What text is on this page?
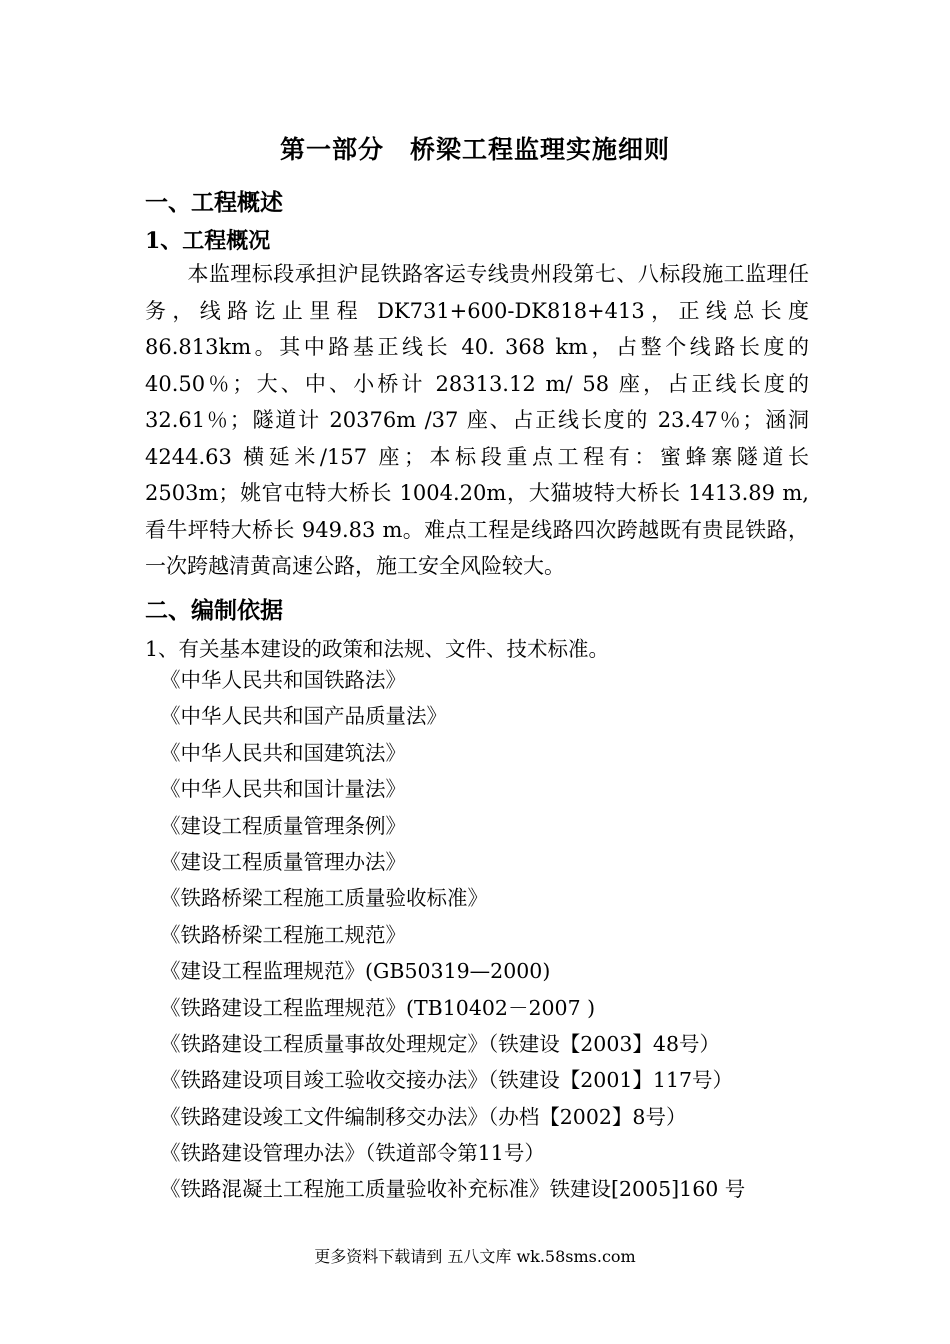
第一部分　桥梁工程监理实施细则
一、工程概述
1、工程概况
本监理标段承担沪昆铁路客运专线贵州段第七、八标段施工监理任务，线路讫止里程 DK731+600-DK818+413，正线总长度 86.813km。其中路基正线长 40. 368 km，占整个线路长度的 40.50％；大、中、小桥计 28313.12 m/ 58 座，占正线长度的 32.61％；隧道计 20376m /37 座、占正线长度的 23.47％；涵洞 4244.63 横延米/157 座；本标段重点工程有：蜜蜂寨隧道长 2503m；姚官屯特大桥长 1004.20m，大猫坡特大桥长 1413.89 m, 看牛坪特大桥长 949.83 m。难点工程是线路四次跨越既有贵昆铁路，一次跨越清黄高速公路，施工安全风险较大。
二、编制依据
1、有关基本建设的政策和法规、文件、技术标准。
《中华人民共和国铁路法》
《中华人民共和国产品质量法》
《中华人民共和国建筑法》
《中华人民共和国计量法》
《建设工程质量管理条例》
《建设工程质量管理办法》
《铁路桥梁工程施工质量验收标准》
《铁路桥梁工程施工规范》
《建设工程监理规范》(GB50319—2000)
《铁路建设工程监理规范》(TB10402－2007 )
《铁路建设工程质量事故处理规定》（铁建设【2003】48号）
《铁路建设项目竣工验收交接办法》（铁建设【2001】117号）
《铁路建设竣工文件编制移交办法》（办档【2002】8号）
《铁路建设管理办法》（铁道部令第11号）
《铁路混凝土工程施工质量验收补充标准》铁建设[2005]160 号
更多资料下载请到 五八文库 wk.58sms.com
